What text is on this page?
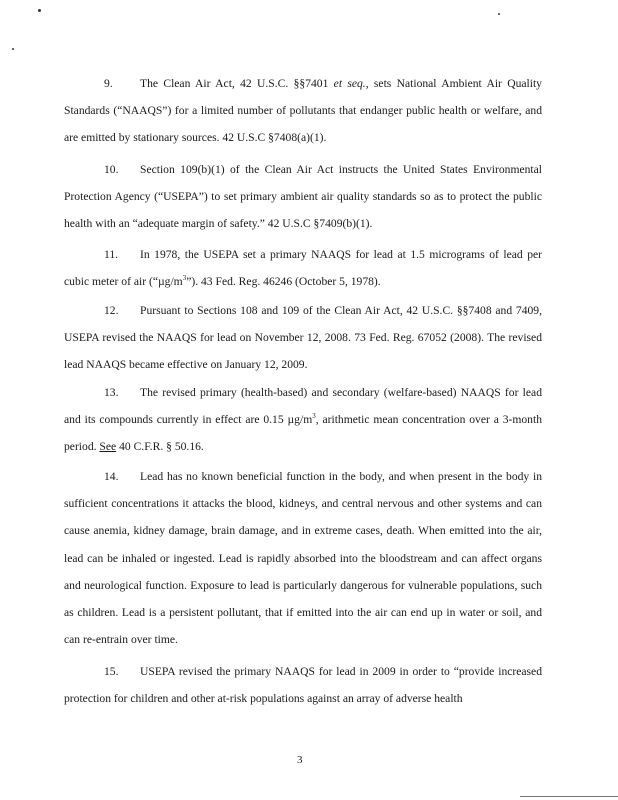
9. The Clean Air Act, 42 U.S.C. §§7401 et seq., sets National Ambient Air Quality Standards (“NAAQS”) for a limited number of pollutants that endanger public health or welfare, and are emitted by stationary sources. 42 U.S.C §7408(a)(1).

10. Section 109(b)(1) of the Clean Air Act instructs the United States Environmental Protection Agency (“USEPA”) to set primary ambient air quality standards so as to protect the public health with an “adequate margin of safety.” 42 U.S.C §7409(b)(1).

11. In 1978, the USEPA set a primary NAAQS for lead at 1.5 micrograms of lead per cubic meter of air $(“\mu g/m^3”)$. 43 Fed. Reg. 46246 (October 5, 1978).

12. Pursuant to Sections 108 and 109 of the Clean Air Act, 42 U.S.C. §§7408 and 7409, USEPA revised the NAAQS for lead on November 12, 2008. 73 Fed. Reg. 67052 (2008). The revised lead NAAQS became effective on January 12, 2009.

13. The revised primary (health-based) and secondary (welfare-based) NAAQS for lead and its compounds currently in effect are 0.15 $\mu g/m^3$, arithmetic mean concentration over a 3-month period. See 40 C.F.R. § 50.16.

14. Lead has no known beneficial function in the body, and when present in the body in sufficient concentrations it attacks the blood, kidneys, and central nervous and other systems and can cause anemia, kidney damage, brain damage, and in extreme cases, death. When emitted into the air, lead can be inhaled or ingested. Lead is rapidly absorbed into the bloodstream and can affect organs and neurological function. Exposure to lead is particularly dangerous for vulnerable populations, such as children. Lead is a persistent pollutant, that if emitted into the air can end up in water or soil, and can re-entrain over time.

15. USEPA revised the primary NAAQS for lead in 2009 in order to “provide increased protection for children and other at-risk populations against an array of adverse health

3
